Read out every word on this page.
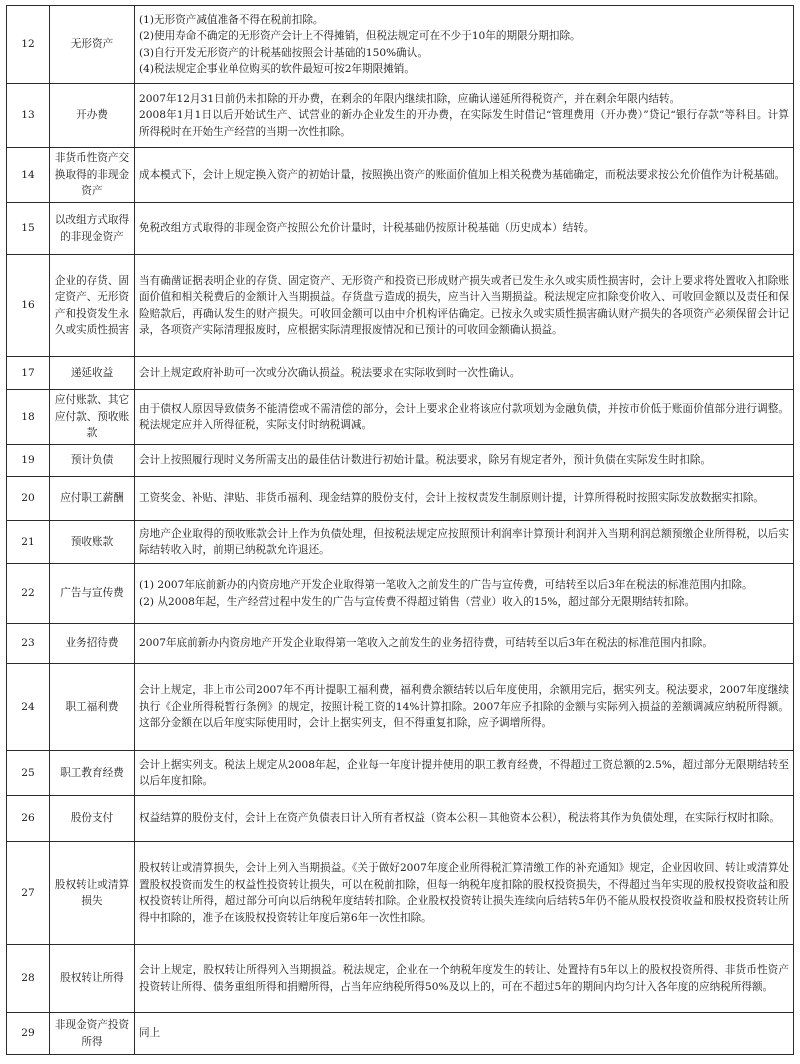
12	无形资产	(1)无形资产减值准备不得在税前扣除。
(2)使用寿命不确定的无形资产会计上不得摊销，但税法规定可在不少于10年的期限分期扣除。
(3)自行开发无形资产的计税基础按照会计基础的150%确认。
(4)税法规定企事业单位购买的软件最短可按2年期限摊销。

13	开办费	2007年12月31日前仍未扣除的开办费，在剩余的年限内继续扣除，应确认递延所得税资产，并在剩余年限内结转。
2008年1月1日以后开始试生产、试营业的新办企业发生的开办费，在实际发生时借记“管理费用（开办费）”贷记“银行存款”等科目。计算所得税时在开始生产经营的当期一次性扣除。

14	非货币性资产交换取得的非现金资产	成本模式下，会计上规定换入资产的初始计量，按照换出资产的账面价值加上相关税费为基础确定，而税法要求按公允价值作为计税基础。

15	以改组方式取得的非现金资产	免税改组方式取得的非现金资产按照公允价计量时，计税基础仍按原计税基础（历史成本）结转。

16	企业的存货、固定资产、无形资产和投资发生永久或实质性损害	当有确凿证据表明企业的存货、固定资产、无形资产和投资已形成财产损失或者已发生永久或实质性损害时，会计上要求将处置收入扣除账面价值和相关税费后的金额计入当期损益。存货盘亏造成的损失，应当计入当期损益。税法规定应扣除变价收入、可收回金额以及责任和保险赔款后，再确认发生的财产损失。可收回金额可以由中介机构评估确定。已按永久或实质性损害确认财产损失的各项资产必须保留会计记录，各项资产实际清理报废时，应根据实际清理报废情况和已预计的可收回金额确认损益。

17	递延收益	会计上规定政府补助可一次或分次确认损益。税法要求在实际收到时一次性确认。

18	应付账款、其它应付款、预收账款	由于债权人原因导致债务不能清偿或不需清偿的部分，会计上要求企业将该应付款项划为金融负债，并按市价低于账面价值部分进行调整。税法规定应并入所得征税，实际支付时纳税调减。

19	预计负债	会计上按照履行现时义务所需支出的最佳估计数进行初始计量。税法要求，除另有规定者外，预计负债在实际发生时扣除。

20	应付职工薪酬	工资奖金、补贴、津贴、非货币福利、现金结算的股份支付，会计上按权责发生制原则计提，计算所得税时按照实际发放数据实扣除。

21	预收账款	房地产企业取得的预收账款会计上作为负债处理，但按税法规定应按照预计利润率计算预计利润并入当期利润总额预缴企业所得税，以后实际结转收入时，前期已纳税款允许退还。

22	广告与宣传费	(1) 2007年底前新办的内资房地产开发企业取得第一笔收入之前发生的广告与宣传费，可结转至以后3年在税法的标准范围内扣除。
(2) 从2008年起，生产经营过程中发生的广告与宣传费不得超过销售（营业）收入的15%，超过部分无限期结转扣除。

23	业务招待费	2007年底前新办内资房地产开发企业取得第一笔收入之前发生的业务招待费，可结转至以后3年在税法的标准范围内扣除。

24	职工福利费	会计上规定，非上市公司2007年不再计提职工福利费，福利费余额结转以后年度使用，余额用完后，据实列支。税法要求，2007年度继续执行《企业所得税暂行条例》的规定，按照计税工资的14%计算扣除。2007年应予扣除的金额与实际列入损益的差额调减应纳税所得额。这部分金额在以后年度实际使用时，会计上据实列支，但不得重复扣除，应予调增所得。

25	职工教育经费	会计上据实列支。税法上规定从2008年起，企业每一年度计提并使用的职工教育经费，不得超过工资总额的2.5%，超过部分无限期结转至以后年度扣除。

26	股份支付	权益结算的股份支付，会计上在资产负债表日计入所有者权益（资本公积－其他资本公积），税法将其作为负债处理，在实际行权时扣除。

27	股权转让或清算损失	股权转让或清算损失，会计上列入当期损益。《关于做好2007年度企业所得税汇算清缴工作的补充通知》规定，企业因收回、转让或清算处置股权投资而发生的权益性投资转让损失，可以在税前扣除，但每一纳税年度扣除的股权投资损失，不得超过当年实现的股权投资收益和股权投资转让所得，超过部分可向以后纳税年度结转扣除。企业股权投资转让损失连续向后结转5年仍不能从股权投资收益和股权投资转让所得中扣除的，准予在该股权投资转让年度后第6年一次性扣除。

28	股权转让所得	会计上规定，股权转让所得列入当期损益。税法规定，企业在一个纳税年度发生的转让、处置持有5年以上的股权投资所得、非货币性资产投资转让所得、债务重组所得和捐赠所得，占当年应纳税所得50%及以上的，可在不超过5年的期间内均匀计入各年度的应纳税所得额。

29	非现金资产投资所得	同上
